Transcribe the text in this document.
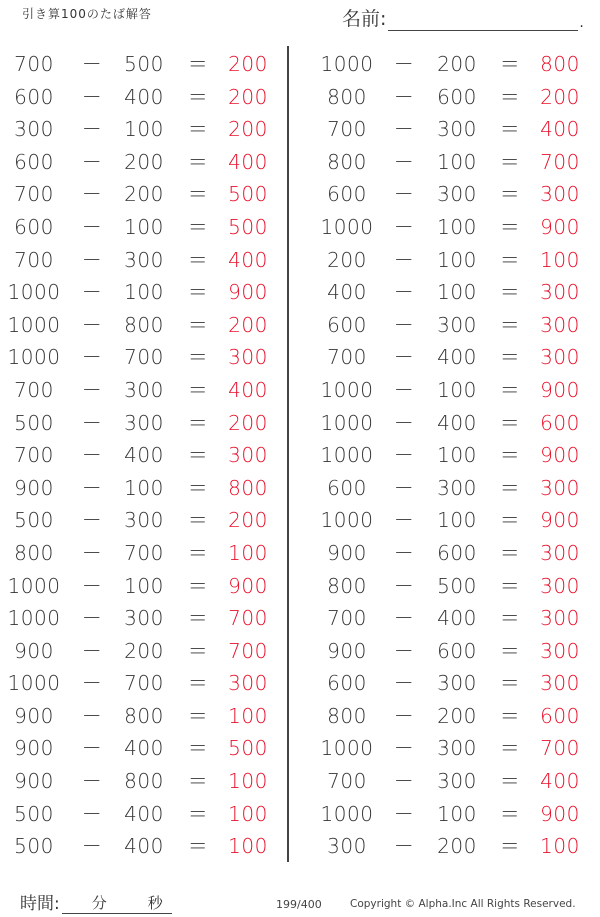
引き算100のたば解答	名前:	.
700	－	500	＝ 200
600	－	400	＝ 200
300	－	100	＝ 200
600	－	200	＝ 400
700	－	200	＝ 500
600	－	100	＝ 500
700	－	300	＝ 400
1000 －	100	＝ 900
1000 －	800	＝ 200
1000 －	700	＝ 300
700	－	300	＝ 400
500	－	300	＝ 200
700	－	400	＝ 300
900	－	100	＝ 800
500	－	300	＝ 200
800	－	700	＝ 100
1000 －	100	＝ 900
1000 －	300	＝ 700
900	－	200	＝ 700
1000 －	700	＝ 300
900	－	800	＝ 100
900	－	400	＝ 500
900	－	800	＝ 100
500	－	400	＝ 100
500	－	400	＝ 100
1000 －	200	＝ 800
800	－	600	＝ 200
700	－	300	＝ 400
800	－	100	＝ 700
600	－	300	＝ 300
1000 －	100	＝ 900
200	－	100	＝ 100
400	－	100	＝ 300
600	－	300	＝ 300
700	－	400	＝ 300
1000 －	100	＝ 900
1000 －	400	＝ 600
1000 －	100	＝ 900
600	－	300	＝ 300
1000 －	100	＝ 900
900	－	600	＝ 300
800	－	500	＝ 300
700	－	400	＝ 300
900	－	600	＝ 300
600	－	300	＝ 300
800	－	200	＝ 600
1000 －	300	＝ 700
700	－	300	＝ 400
1000 －	100	＝ 900
300	－	200	＝ 100
時間: 分	秒	199/400	Copyright © Alpha.Inc All Rights Reserved.
